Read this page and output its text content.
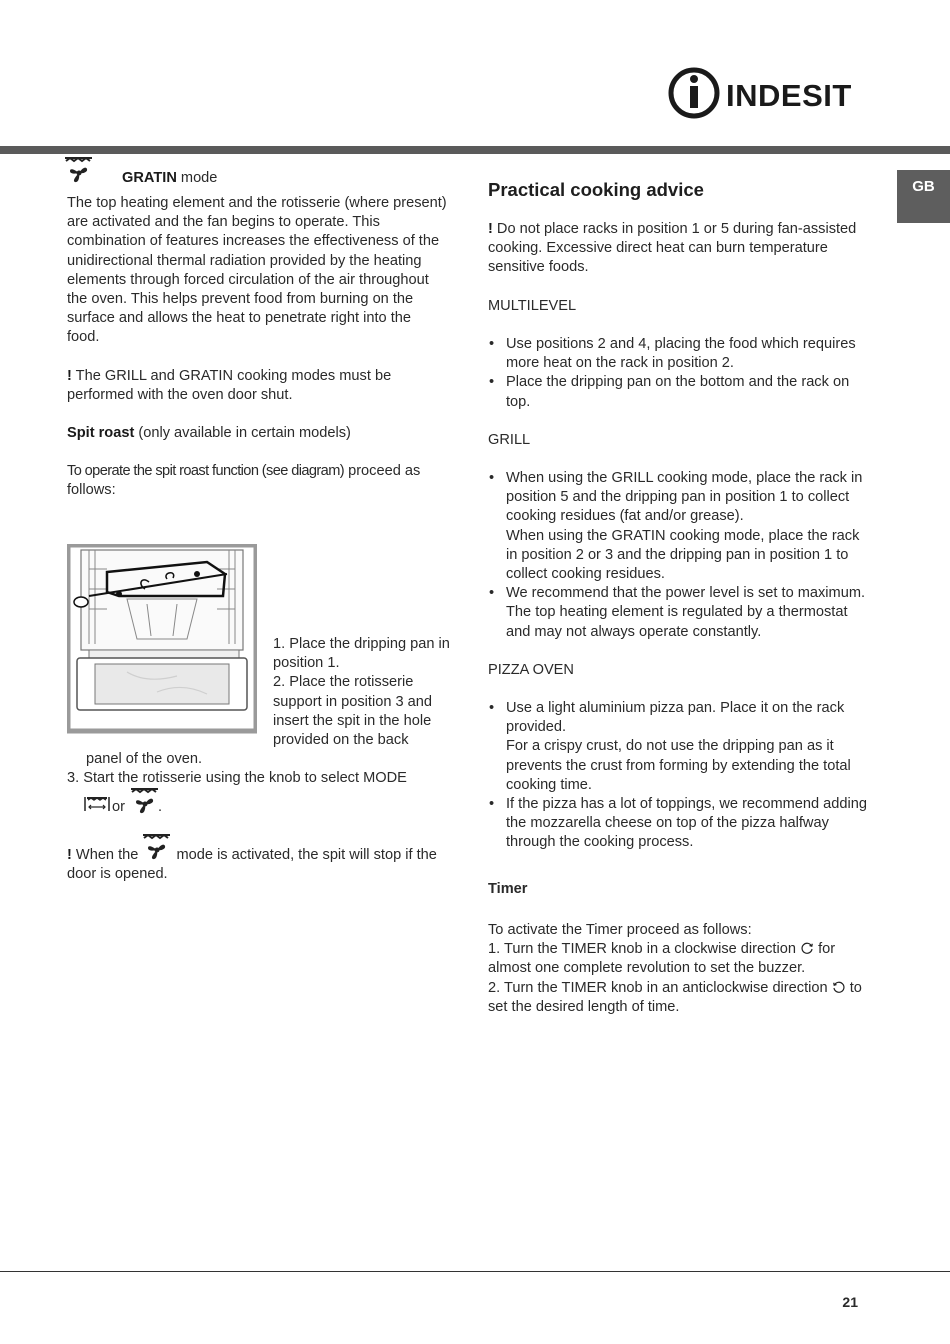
INDESIT
GB
GRATIN mode

The top heating element and the rotisserie (where present) are activated and the fan begins to operate. This combination of features increases the effectiveness of the unidirectional thermal radiation provided by the heating elements through forced circulation of the air throughout the oven. This helps prevent food from burning on the surface and allows the heat to penetrate right into the food.

! The GRILL and GRATIN cooking modes must be performed with the oven door shut.

Spit roast (only available in certain models)

To operate the spit roast function (see diagram) proceed as follows:

1. Place the dripping pan in position 1.

2. Place the rotisserie support in position 3 and insert the spit in the hole provided on the back

panel of the oven.

3. Start the rotisserie using the knob to select MODE

or .

! When the  mode is activated, the spit will stop if the door is opened.

Practical cooking advice

! Do not place racks in position 1 or 5 during fan-assisted cooking. Excessive direct heat can burn temperature sensitive foods.

MULTILEVEL
• Use positions 2 and 4, placing the food which requires more heat on the rack in position 2.
• Place the dripping pan on the bottom and the rack on top.
GRILL
• When using the GRILL cooking mode, place the rack in position 5 and the dripping pan in position 1 to collect cooking residues (fat and/or grease).
When using the GRATIN cooking mode, place the rack in position 2 or 3 and the dripping pan in position 1 to collect cooking residues.
• We recommend that the power level is set to maximum. The top heating element is regulated by a thermostat and may not always operate constantly.
PIZZA OVEN
• Use a light aluminium pizza pan. Place it on the rack provided.
For a crispy crust, do not use the dripping pan as it prevents the crust from forming by extending the total cooking time.
• If the pizza has a lot of toppings, we recommend adding the mozzarella cheese on top of the pizza halfway through the cooking process.
Timer

To activate the Timer proceed as follows:

1. Turn the TIMER knob in a clockwise direction  for almost one complete revolution to set the buzzer.

2. Turn the TIMER knob in an anticlockwise direction  to set the desired length of time.

21
